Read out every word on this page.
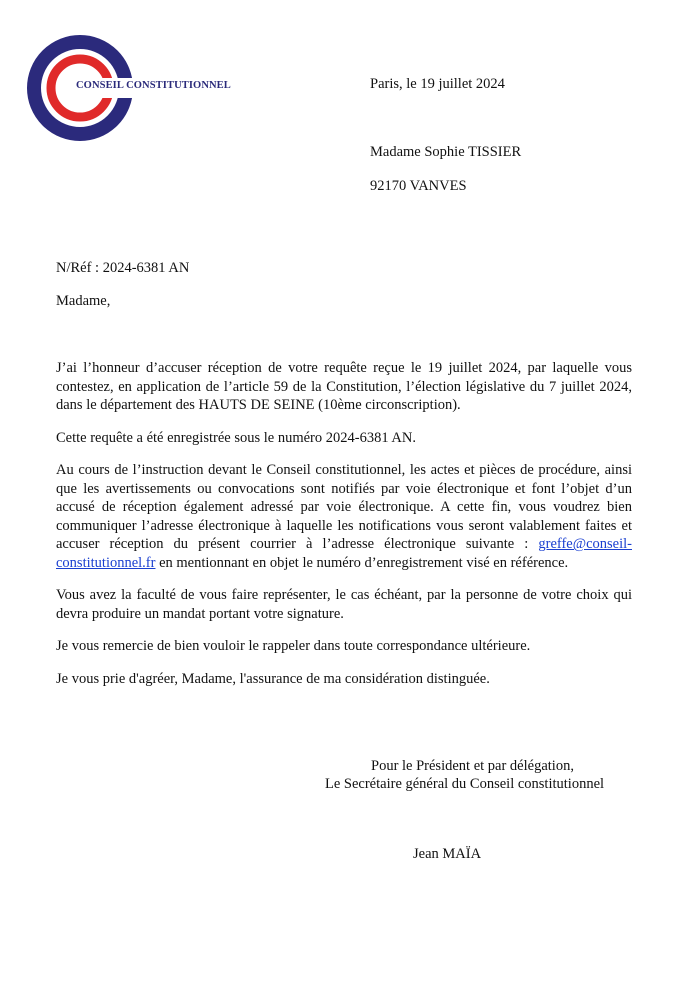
CONSEIL CONSTITUTIONNEL	Paris, le 19 juillet 2024
Madame Sophie TISSIER
92170 VANVES
N/Réf : 2024-6381 AN
Madame,

J’ai l’honneur d’accuser réception de votre requête reçue le 19 juillet 2024, par laquelle vous contestez, en application de l’article 59 de la Constitution, l’élection législative du 7 juillet 2024, dans le département des HAUTS DE SEINE (10ème circonscription).

Cette requête a été enregistrée sous le numéro 2024-6381 AN.

Au cours de l’instruction devant le Conseil constitutionnel, les actes et pièces de procédure, ainsi que les avertissements ou convocations sont notifiés par voie électronique et font l’objet d’un accusé de réception également adressé par voie électronique. A cette fin, vous voudrez bien communiquer l’adresse électronique à laquelle les notifications vous seront valablement faites et accuser réception du présent courrier à l’adresse électronique suivante : greffe@conseil-constitutionnel.fr en mentionnant en objet le numéro d’enregistrement visé en référence.

Vous avez la faculté de vous faire représenter, le cas échéant, par la personne de votre choix qui devra produire un mandat portant votre signature.

Je vous remercie de bien vouloir le rappeler dans toute correspondance ultérieure.

Je vous prie d'agréer, Madame, l'assurance de ma considération distinguée.

Pour le Président et par délégation,
Le Secrétaire général du Conseil constitutionnel
Jean MAÏA
